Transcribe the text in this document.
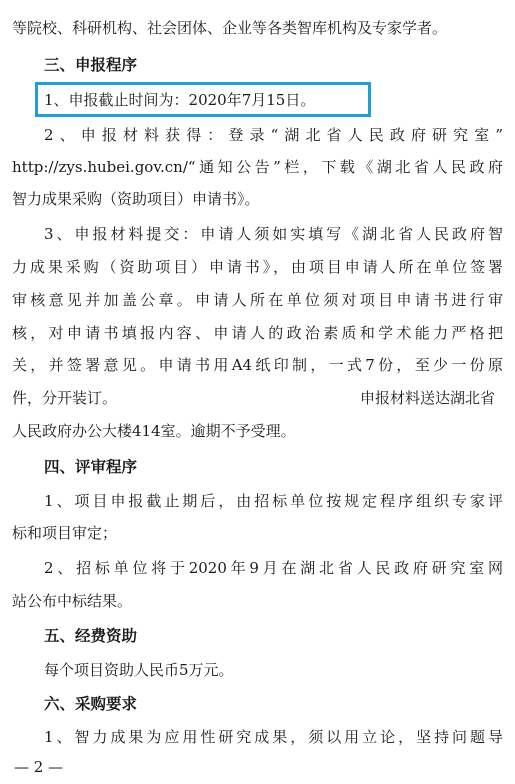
等院校、科研机构、社会团体、企业等各类智库机构及专家学者。
三、申报程序
1、申报截止时间为：2020年7月15日。
2、申报材料获得：登录“湖北省人民政府研究室”
http://zys.hubei.gov.cn/“通知公告”栏，下载《湖北省人民政府
智力成果采购（资助项目）申请书》。
3、申报材料提交：申请人须如实填写《湖北省人民政府智
力成果采购（资助项目）申请书》，由项目申请人所在单位签署
审核意见并加盖公章。申请人所在单位须对项目申请书进行审
核，对申请书填报内容、申请人的政治素质和学术能力严格把
关，并签署意见。申请书用A4纸印制，一式7份，至少一份原
件，分开装订。	申报材料送达湖北省
人民政府办公大楼414室。逾期不予受理。
四、评审程序
1、项目申报截止期后，由招标单位按规定程序组织专家评
标和项目审定；
2、招标单位将于2020年9月在湖北省人民政府研究室网
站公布中标结果。
五、经费资助
每个项目资助人民币5万元。
六、采购要求
1、智力成果为应用性研究成果，须以用立论，坚持问题导
— 2 —
